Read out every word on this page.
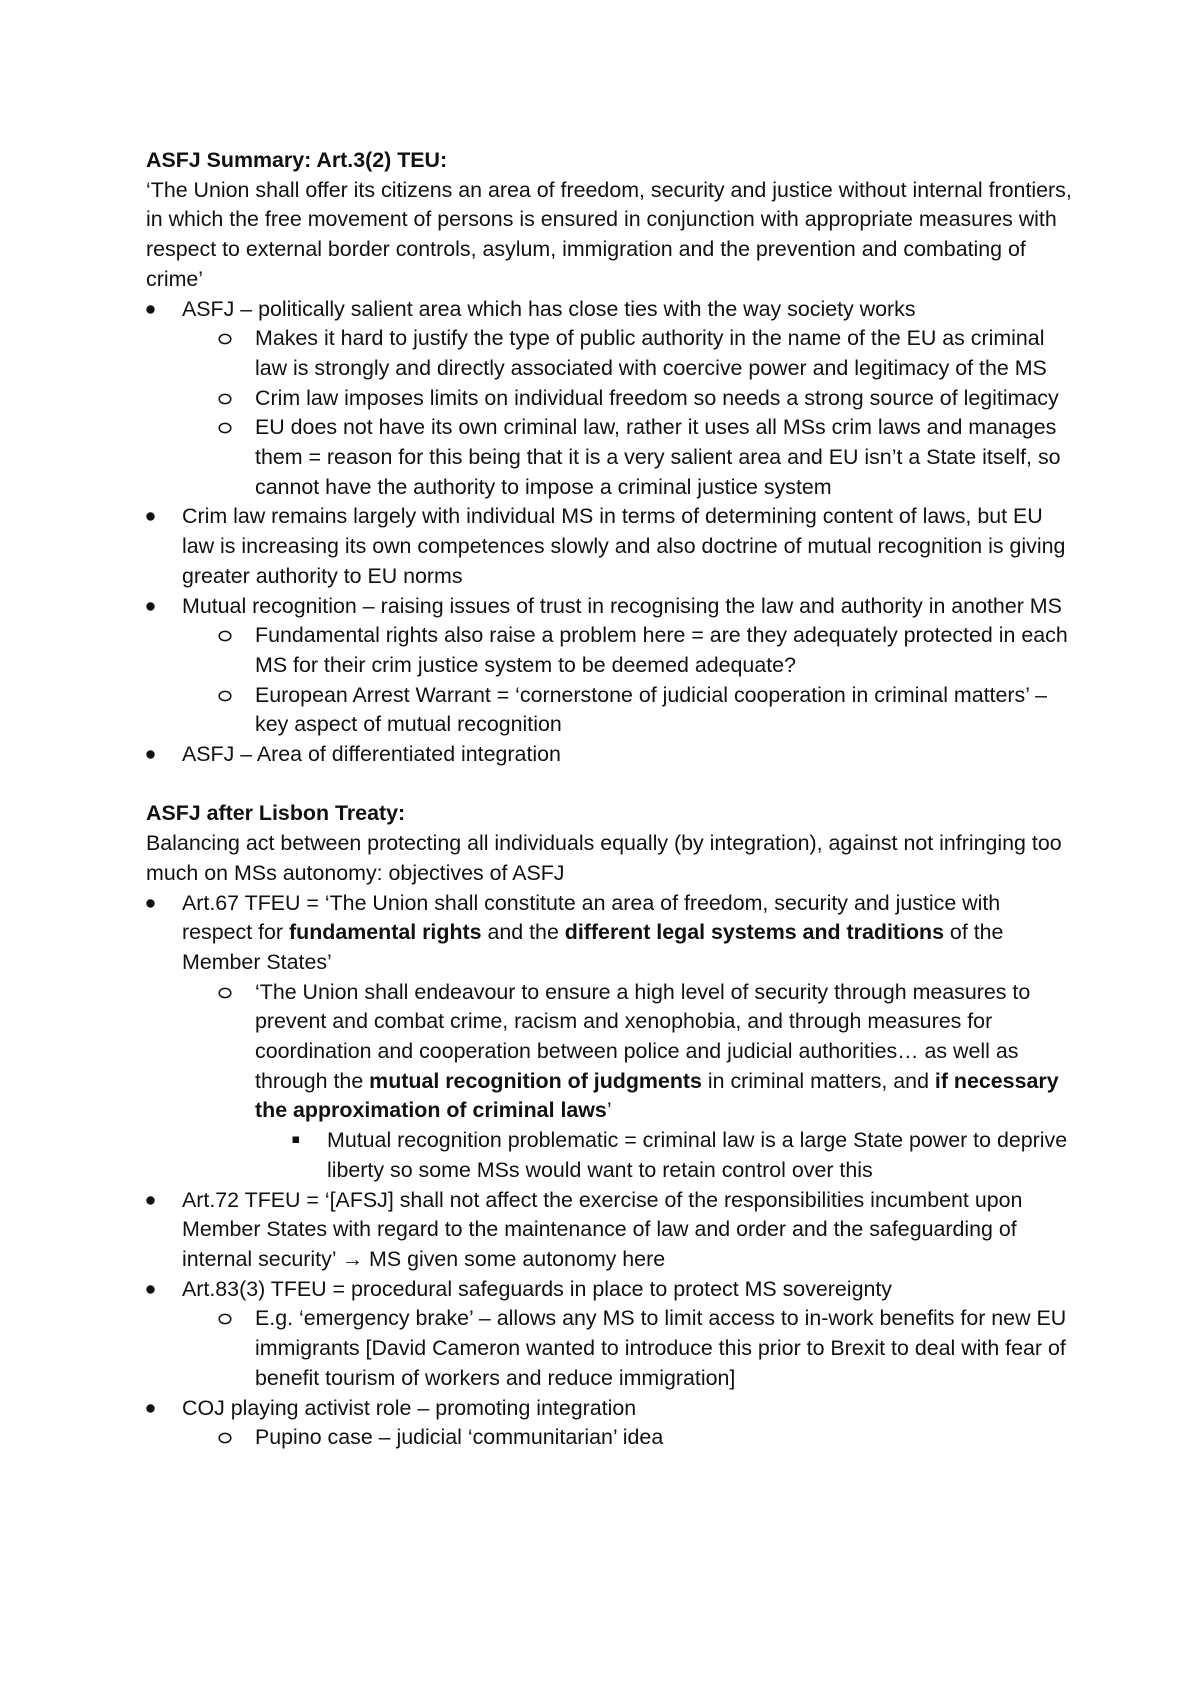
ASFJ Summary: Art.3(2) TEU:

‘The Union shall offer its citizens an area of freedom, security and justice without internal frontiers, in which the free movement of persons is ensured in conjunction with appropriate measures with respect to external border controls, asylum, immigration and the prevention and combating of crime’

ASFJ – politically salient area which has close ties with the way society works
Makes it hard to justify the type of public authority in the name of the EU as criminal law is strongly and directly associated with coercive power and legitimacy of the MS
Crim law imposes limits on individual freedom so needs a strong source of legitimacy
EU does not have its own criminal law, rather it uses all MSs crim laws and manages them = reason for this being that it is a very salient area and EU isn’t a State itself, so cannot have the authority to impose a criminal justice system
Crim law remains largely with individual MS in terms of determining content of laws, but EU law is increasing its own competences slowly and also doctrine of mutual recognition is giving greater authority to EU norms
Mutual recognition – raising issues of trust in recognising the law and authority in another MS
Fundamental rights also raise a problem here = are they adequately protected in each MS for their crim justice system to be deemed adequate?
European Arrest Warrant = ‘cornerstone of judicial cooperation in criminal matters’ – key aspect of mutual recognition
ASFJ – Area of differentiated integration

ASFJ after Lisbon Treaty:

Balancing act between protecting all individuals equally (by integration), against not infringing too much on MSs autonomy: objectives of ASFJ

Art.67 TFEU = ‘The Union shall constitute an area of freedom, security and justice with respect for fundamental rights and the different legal systems and traditions of the Member States’
‘The Union shall endeavour to ensure a high level of security through measures to prevent and combat crime, racism and xenophobia, and through measures for coordination and cooperation between police and judicial authorities… as well as through the mutual recognition of judgments in criminal matters, and if necessary the approximation of criminal laws’
Mutual recognition problematic = criminal law is a large State power to deprive liberty so some MSs would want to retain control over this
Art.72 TFEU = ‘[AFSJ] shall not affect the exercise of the responsibilities incumbent upon Member States with regard to the maintenance of law and order and the safeguarding of internal security’ → MS given some autonomy here
Art.83(3) TFEU = procedural safeguards in place to protect MS sovereignty
E.g. ‘emergency brake’ – allows any MS to limit access to in-work benefits for new EU immigrants [David Cameron wanted to introduce this prior to Brexit to deal with fear of benefit tourism of workers and reduce immigration]
COJ playing activist role – promoting integration
Pupino case – judicial ‘communitarian’ idea
